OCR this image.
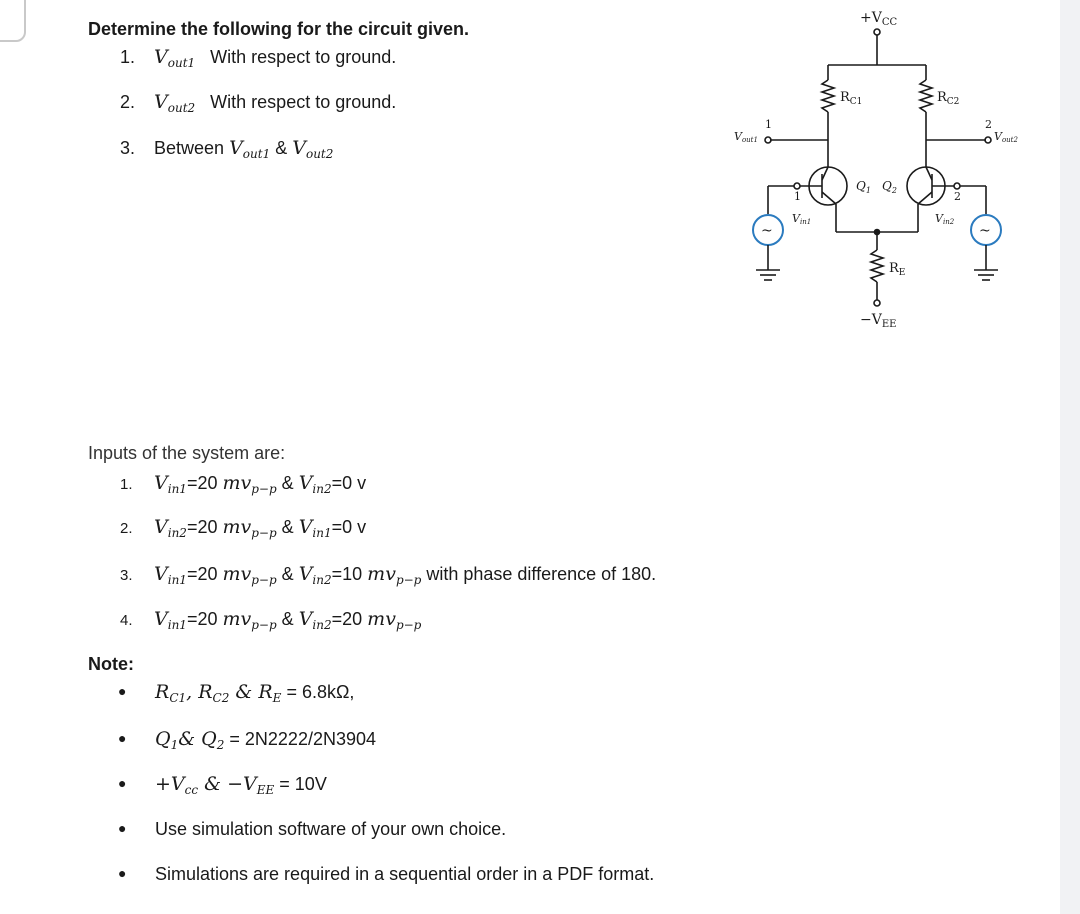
Determine the following for the circuit given.
1. $V_{out1}$ With respect to ground.
2. $V_{out2}$ With respect to ground.
3. Between $V_{out1}$ & $V_{out2}$
Inputs of the system are:
1. $V_{in1}=20$ $mv_{p-p}$ & $V_{in2}=0$ v
2. $V_{in2}=20$ $mv_{p-p}$ & $V_{in1}=0$ v
3. $V_{in1}=20$ $mv_{p-p}$ & $V_{in2}=10$ $mv_{p-p}$ with phase difference of 180.
4. $V_{in1}=20$ $mv_{p-p}$ & $V_{in2}=20$ $mv_{p-p}$
Note:
● $R_{C1}$, $R_{C2}$ & $R_E = 6.8k\Omega$,
● $Q_1\&$ $Q_2 = 2N2222/2N3904$
● $+V_{cc}$ & $-V_{EE} = 10V$
● Use simulation software of your own choice.
● Simulations are required in a sequential order in a PDF format.
$+V_{CC}$
$R_{C1}$	$R_{C2}$
$R_E$
$-V_{EE}$
$Q_1$ $Q_2$
Vout1	Vout2
Vin1	Vin2
1	2
1	2
~	~
